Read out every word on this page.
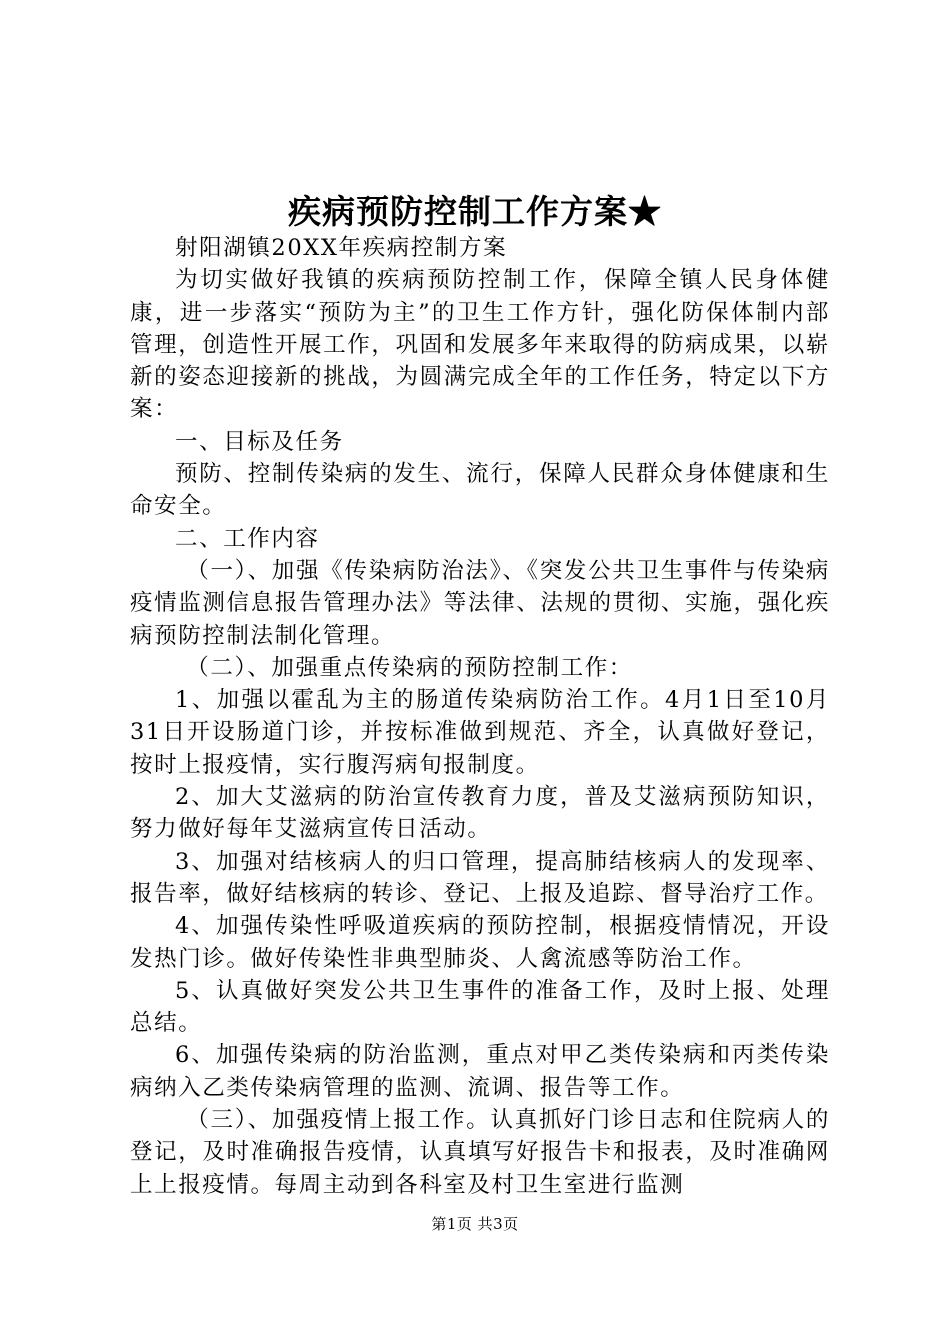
疾病预防控制工作方案★

射阳湖镇20XX年疾病控制方案

为切实做好我镇的疾病预防控制工作，保障全镇人民身体健康，进一步落实“预防为主”的卫生工作方针，强化防保体制内部管理，创造性开展工作，巩固和发展多年来取得的防病成果，以崭新的姿态迎接新的挑战，为圆满完成全年的工作任务，特定以下方案：

一、目标及任务

预防、控制传染病的发生、流行，保障人民群众身体健康和生命安全。

二、工作内容

（一）、加强《传染病防治法》、《突发公共卫生事件与传染病疫情监测信息报告管理办法》等法律、法规的贯彻、实施，强化疾病预防控制法制化管理。

（二）、加强重点传染病的预防控制工作：

1、加强以霍乱为主的肠道传染病防治工作。4月1日至10月31日开设肠道门诊，并按标准做到规范、齐全，认真做好登记，按时上报疫情，实行腹泻病旬报制度。

2、加大艾滋病的防治宣传教育力度，普及艾滋病预防知识，努力做好每年艾滋病宣传日活动。

3、加强对结核病人的归口管理，提高肺结核病人的发现率、报告率，做好结核病的转诊、登记、上报及追踪、督导治疗工作。

4、加强传染性呼吸道疾病的预防控制，根据疫情情况，开设发热门诊。做好传染性非典型肺炎、人禽流感等防治工作。

5、认真做好突发公共卫生事件的准备工作，及时上报、处理总结。

6、加强传染病的防治监测，重点对甲乙类传染病和丙类传染病纳入乙类传染病管理的监测、流调、报告等工作。

（三）、加强疫情上报工作。认真抓好门诊日志和住院病人的登记，及时准确报告疫情，认真填写好报告卡和报表，及时准确网上上报疫情。每周主动到各科室及村卫生室进行监测

第1页 共3页
